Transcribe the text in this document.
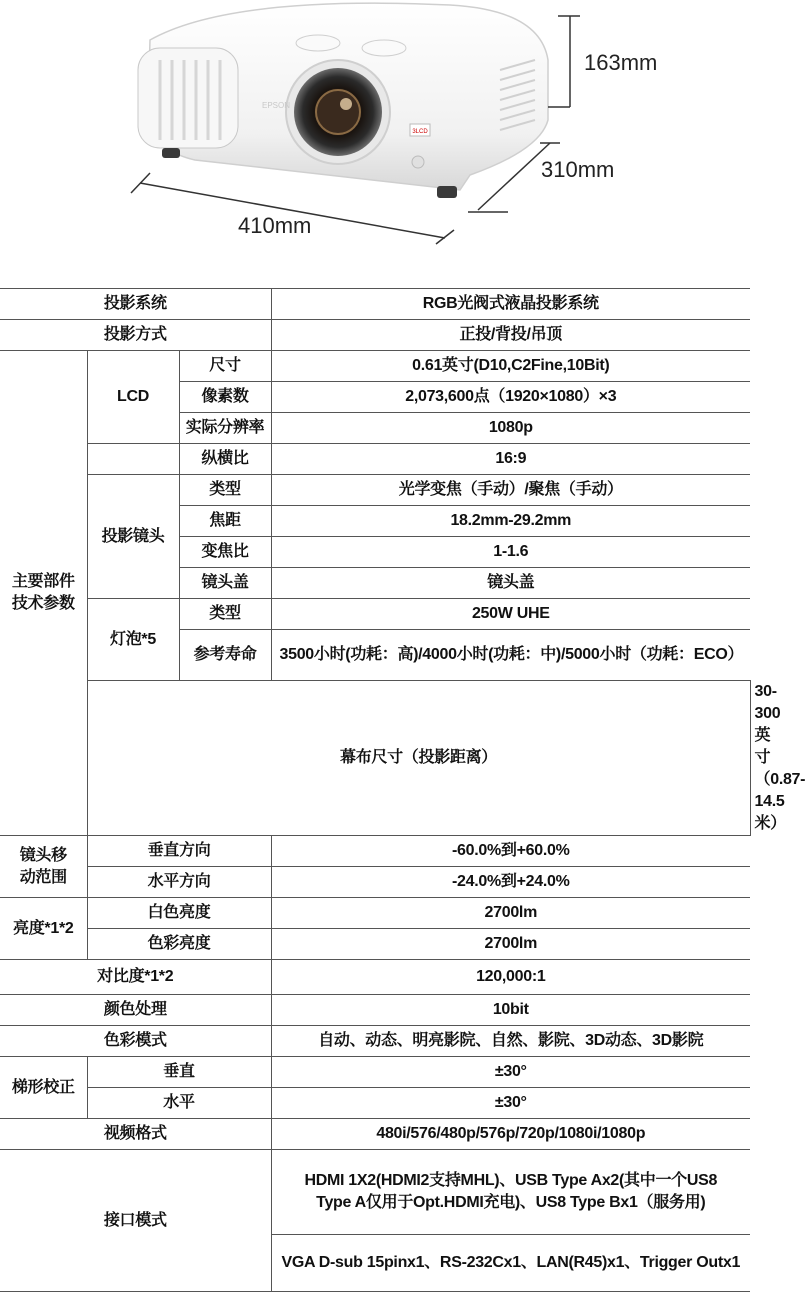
3LCD
EPSON
163mm
310mm
410mm
投影系统			RGB光阀式液晶投影系统	
投影方式			正投/背投/吊顶	
主要部件技术参数	LCD	尺寸	0.61英寸(D10,C2Fine,10Bit)	
		像素数	2,073,600点（1920×1080）×3	
		实际分辨率	1080p	
		纵横比	16:9	
	投影镜头	类型	光学变焦（手动）/聚焦（手动）	
		焦距	18.2mm-29.2mm	
		变焦比	1-1.6	
		镜头盖	镜头盖	
	灯泡*5	类型	250W UHE	
		参考寿命	3500小时(功耗：高)/4000小时(功耗：中)/5000小时（功耗：ECO）	
	幕布尺寸（投影距离）			30-300英寸（0.87-14.5米）
镜头移动范围	垂直方向		-60.0%到+60.0%	
	水平方向		-24.0%到+24.0%	
亮度*1*2	白色亮度		2700lm	
	色彩亮度		2700lm	
对比度*1*2			120,000:1	
颜色处理			10bit	
色彩模式			自动、动态、明亮影院、自然、影院、3D动态、3D影院	
梯形校正	垂直		±30°	
	水平		±30°	
视频格式			480i/576/480p/576p/720p/1080i/1080p	
接口模式			HDMI 1X2(HDMI2支持MHL)、USB Type Ax2(其中一个US8 Type A仅用于Opt.HDMI充电)、US8 Type Bx1（服务用)	
			VGA D-sub 15pinx1、RS-232Cx1、LAN(R45)x1、Trigger Outx1	
